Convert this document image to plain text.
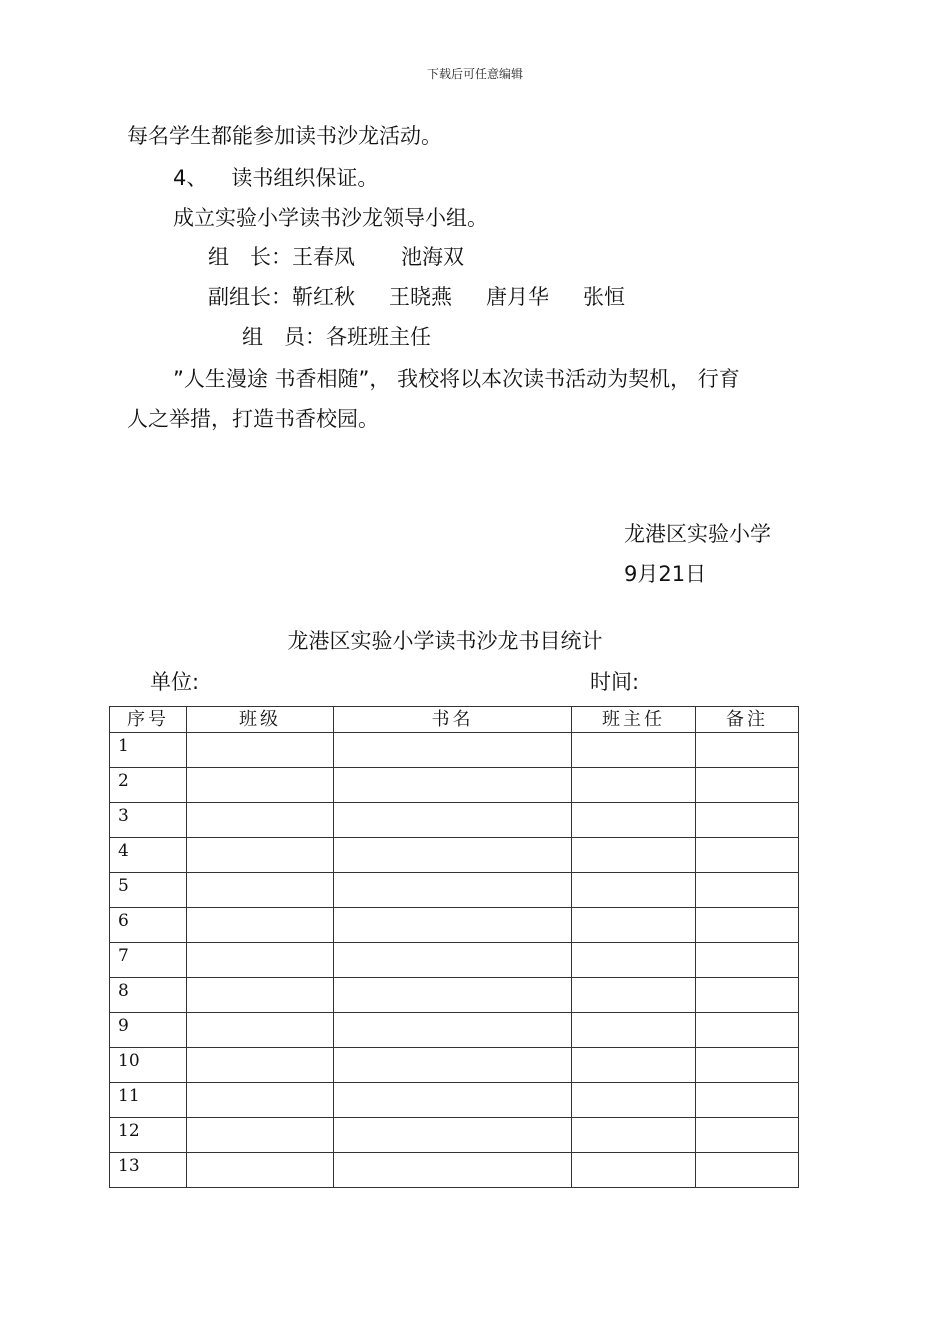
下载后可任意编辑
每名学生都能参加读书沙龙活动。
4、 读书组织保证。
成立实验小学读书沙龙领导小组。
组　长：王春凤 池海双
副组长：靳红秋 王晓燕 唐月华 张恒
组　员：各班班主任
”人生漫途 书香相随”， 我校将以本次读书活动为契机， 行育
人之举措，打造书香校园。
龙港区实验小学
9月21日
龙港区实验小学读书沙龙书目统计
单位:	时间:
序号	班级	书名	班主任	备注
1				
2				
3				
4				
5				
6				
7				
8				
9				
10				
11				
12				
13				
